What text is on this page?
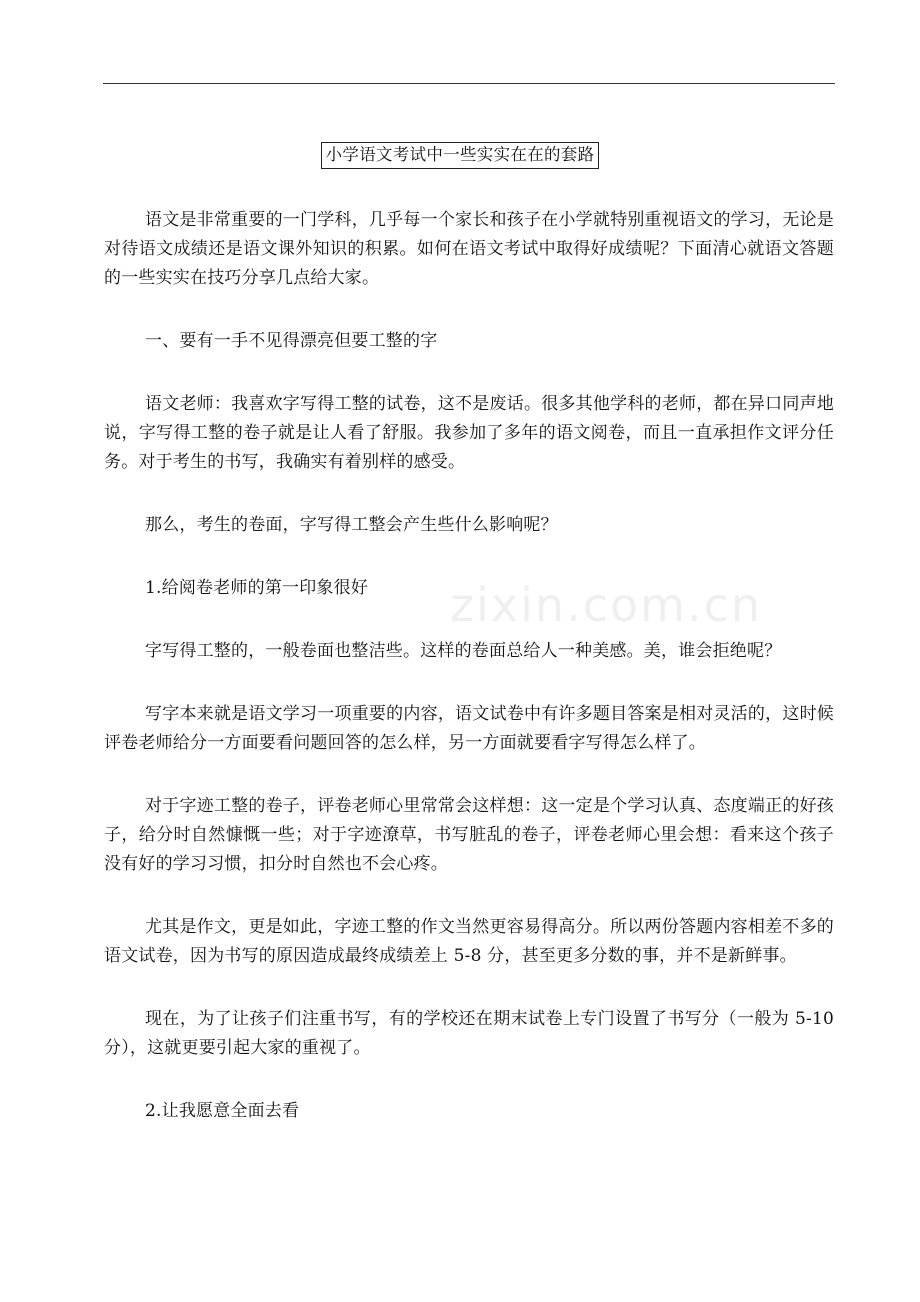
小学语文考试中一些实实在在的套路
zixin.com.cn

语文是非常重要的一门学科，几乎每一个家长和孩子在小学就特别重视语文的学习，无论是对待语文成绩还是语文课外知识的积累。如何在语文考试中取得好成绩呢？下面清心就语文答题的一些实实在技巧分享几点给大家。

一、要有一手不见得漂亮但要工整的字

语文老师：我喜欢字写得工整的试卷，这不是废话。很多其他学科的老师，都在异口同声地说，字写得工整的卷子就是让人看了舒服。我参加了多年的语文阅卷，而且一直承担作文评分任务。对于考生的书写，我确实有着别样的感受。

那么，考生的卷面，字写得工整会产生些什么影响呢？

1.给阅卷老师的第一印象很好

字写得工整的，一般卷面也整洁些。这样的卷面总给人一种美感。美，谁会拒绝呢？

写字本来就是语文学习一项重要的内容，语文试卷中有许多题目答案是相对灵活的，这时候评卷老师给分一方面要看问题回答的怎么样，另一方面就要看字写得怎么样了。

对于字迹工整的卷子，评卷老师心里常常会这样想：这一定是个学习认真、态度端正的好孩子，给分时自然慷慨一些；对于字迹潦草，书写脏乱的卷子，评卷老师心里会想：看来这个孩子没有好的学习习惯，扣分时自然也不会心疼。

尤其是作文，更是如此，字迹工整的作文当然更容易得高分。所以两份答题内容相差不多的语文试卷，因为书写的原因造成最终成绩差上 5-8 分，甚至更多分数的事，并不是新鲜事。

现在，为了让孩子们注重书写，有的学校还在期末试卷上专门设置了书写分（一般为 5-10 分），这就更要引起大家的重视了。

2.让我愿意全面去看
